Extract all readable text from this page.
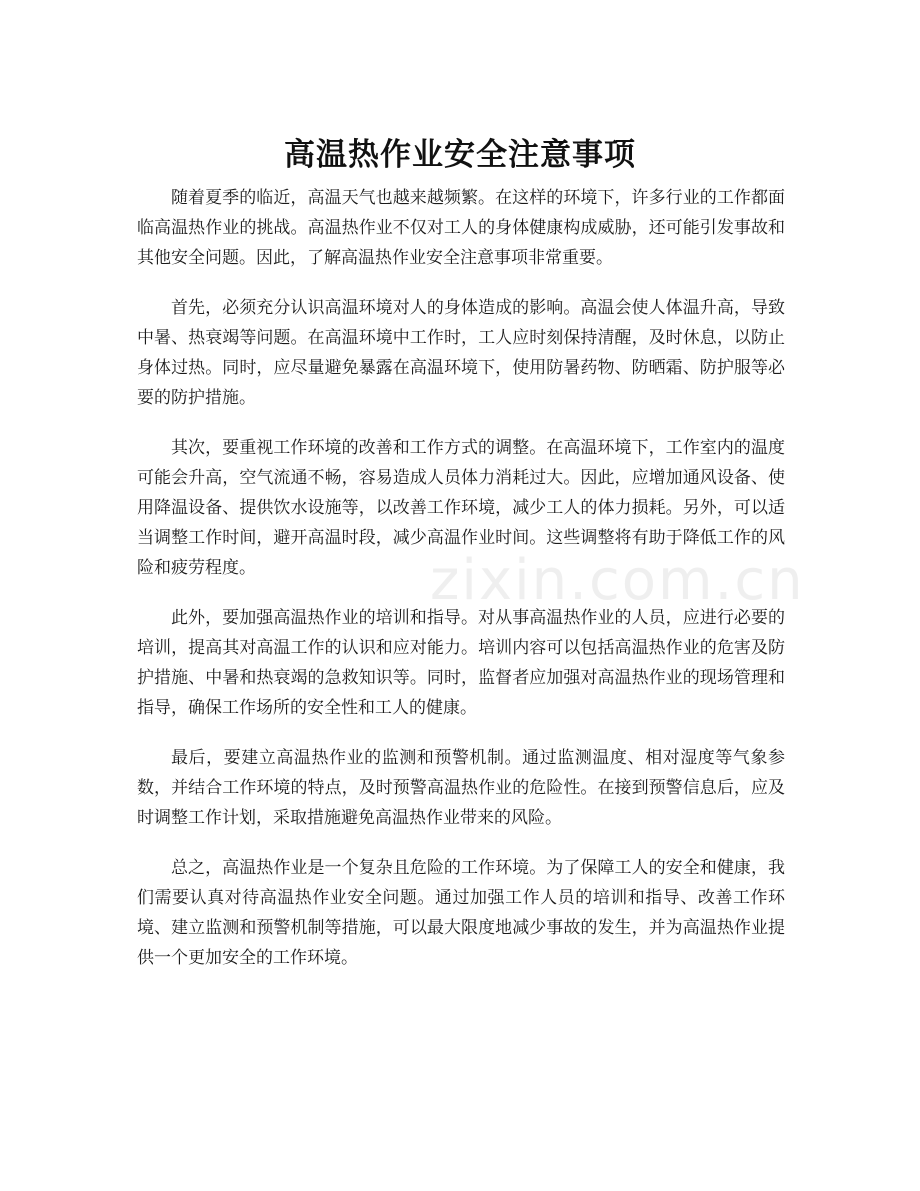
高温热作业安全注意事项

随着夏季的临近，高温天气也越来越频繁。在这样的环境下，许多行业的工作都面临高温热作业的挑战。高温热作业不仅对工人的身体健康构成威胁，还可能引发事故和其他安全问题。因此，了解高温热作业安全注意事项非常重要。

首先，必须充分认识高温环境对人的身体造成的影响。高温会使人体温升高，导致中暑、热衰竭等问题。在高温环境中工作时，工人应时刻保持清醒，及时休息，以防止身体过热。同时，应尽量避免暴露在高温环境下，使用防暑药物、防晒霜、防护服等必要的防护措施。

其次，要重视工作环境的改善和工作方式的调整。在高温环境下，工作室内的温度可能会升高，空气流通不畅，容易造成人员体力消耗过大。因此，应增加通风设备、使用降温设备、提供饮水设施等，以改善工作环境，减少工人的体力损耗。另外，可以适当调整工作时间，避开高温时段，减少高温作业时间。这些调整将有助于降低工作的风险和疲劳程度。

此外，要加强高温热作业的培训和指导。对从事高温热作业的人员，应进行必要的培训，提高其对高温工作的认识和应对能力。培训内容可以包括高温热作业的危害及防护措施、中暑和热衰竭的急救知识等。同时，监督者应加强对高温热作业的现场管理和指导，确保工作场所的安全性和工人的健康。

最后，要建立高温热作业的监测和预警机制。通过监测温度、相对湿度等气象参数，并结合工作环境的特点，及时预警高温热作业的危险性。在接到预警信息后，应及时调整工作计划，采取措施避免高温热作业带来的风险。

总之，高温热作业是一个复杂且危险的工作环境。为了保障工人的安全和健康，我们需要认真对待高温热作业安全问题。通过加强工作人员的培训和指导、改善工作环境、建立监测和预警机制等措施，可以最大限度地减少事故的发生，并为高温热作业提供一个更加安全的工作环境。

zixin.com.cn
